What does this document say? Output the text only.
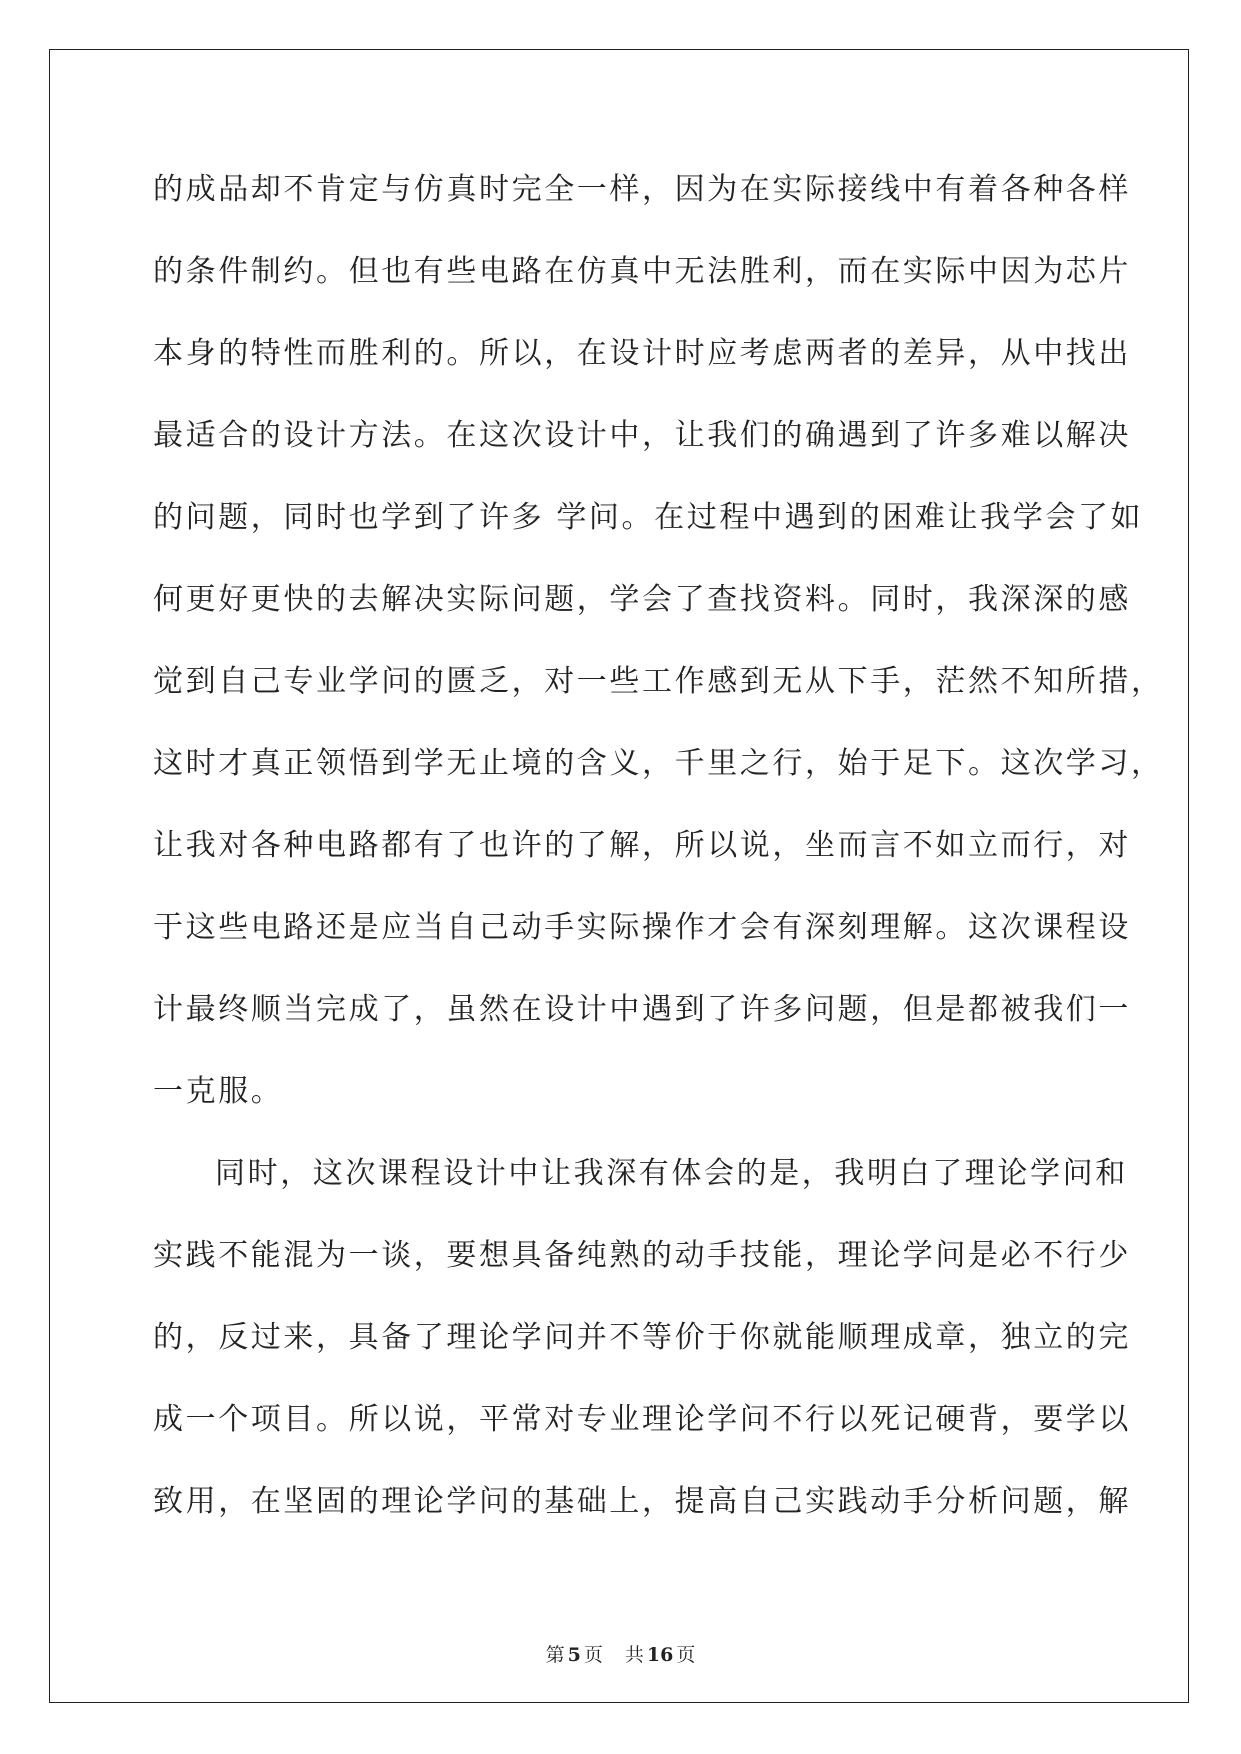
的成品却不肯定与仿真时完全一样，因为在实际接线中有着各种各样
的条件制约。但也有些电路在仿真中无法胜利，而在实际中因为芯片
本身的特性而胜利的。所以，在设计时应考虑两者的差异，从中找出
最适合的设计方法。在这次设计中，让我们的确遇到了许多难以解决
的问题，同时也学到了许多 学问。在过程中遇到的困难让我学会了如
何更好更快的去解决实际问题，学会了查找资料。同时，我深深的感
觉到自己专业学问的匮乏，对一些工作感到无从下手，茫然不知所措，
这时才真正领悟到学无止境的含义，千里之行，始于足下。这次学习，
让我对各种电路都有了也许的了解，所以说，坐而言不如立而行，对
于这些电路还是应当自己动手实际操作才会有深刻理解。这次课程设
计最终顺当完成了，虽然在设计中遇到了许多问题，但是都被我们一
一克服。
同时，这次课程设计中让我深有体会的是，我明白了理论学问和
实践不能混为一谈，要想具备纯熟的动手技能，理论学问是必不行少
的，反过来，具备了理论学问并不等价于你就能顺理成章，独立的完
成一个项目。所以说，平常对专业理论学问不行以死记硬背，要学以
致用，在坚固的理论学问的基础上，提高自己实践动手分析问题，解
第 5 页 共 16 页
